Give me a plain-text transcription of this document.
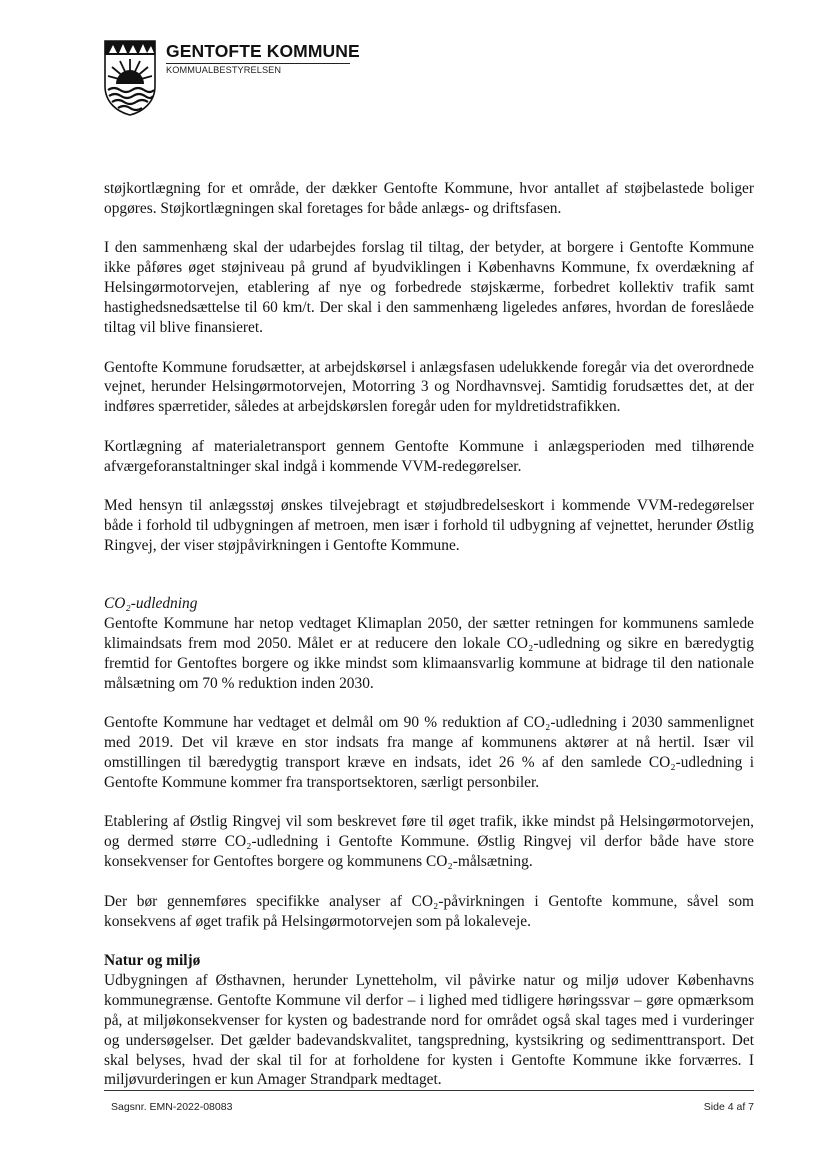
GENTOFTE KOMMUNE
KOMMUALBESTYRELSEN

støjkortlægning for et område, der dækker Gentofte Kommune, hvor antallet af støjbelastede boliger opgøres. Støjkortlægningen skal foretages for både anlægs- og driftsfasen.

I den sammenhæng skal der udarbejdes forslag til tiltag, der betyder, at borgere i Gentofte Kommune ikke påføres øget støjniveau på grund af byudviklingen i Københavns Kommune, fx overdækning af Helsingørmotorvejen, etablering af nye og forbedrede støjskærme, forbedret kollektiv trafik samt hastighedsnedsættelse til 60 km/t. Der skal i den sammenhæng ligeledes anføres, hvordan de foreslåede tiltag vil blive finansieret.

Gentofte Kommune forudsætter, at arbejdskørsel i anlægsfasen udelukkende foregår via det overordnede vejnet, herunder Helsingørmotorvejen, Motorring 3 og Nordhavnsvej. Samtidig forudsættes det, at der indføres spærretider, således at arbejdskørslen foregår uden for myldretidstrafikken.

Kortlægning af materialetransport gennem Gentofte Kommune i anlægsperioden med tilhørende afværgeforanstaltninger skal indgå i kommende VVM-redegørelser.

Med hensyn til anlægsstøj ønskes tilvejebragt et støjudbredelseskort i kommende VVM-redegørelser både i forhold til udbygningen af metroen, men især i forhold til udbygning af vejnettet, herunder Østlig Ringvej, der viser støjpåvirkningen i Gentofte Kommune.

CO₂-udledning

Gentofte Kommune har netop vedtaget Klimaplan 2050, der sætter retningen for kommunens samlede klimaindsats frem mod 2050. Målet er at reducere den lokale CO₂-udledning og sikre en bæredygtig fremtid for Gentoftes borgere og ikke mindst som klimaansvarlig kommune at bidrage til den nationale målsætning om 70 % reduktion inden 2030.

Gentofte Kommune har vedtaget et delmål om 90 % reduktion af CO₂-udledning i 2030 sammenlignet med 2019. Det vil kræve en stor indsats fra mange af kommunens aktører at nå hertil. Især vil omstillingen til bæredygtig transport kræve en indsats, idet 26 % af den samlede CO₂-udledning i Gentofte Kommune kommer fra transportsektoren, særligt personbiler.

Etablering af Østlig Ringvej vil som beskrevet føre til øget trafik, ikke mindst på Helsingørmotorvejen, og dermed større CO₂-udledning i Gentofte Kommune. Østlig Ringvej vil derfor både have store konsekvenser for Gentoftes borgere og kommunens CO₂-målsætning.

Der bør gennemføres specifikke analyser af CO₂-påvirkningen i Gentofte kommune, såvel som konsekvens af øget trafik på Helsingørmotorvejen som på lokaleveje.

Natur og miljø

Udbygningen af Østhavnen, herunder Lynetteholm, vil påvirke natur og miljø udover Københavns kommunegrænse. Gentofte Kommune vil derfor – i lighed med tidligere høringssvar – gøre opmærksom på, at miljøkonsekvenser for kysten og badestrande nord for området også skal tages med i vurderinger og undersøgelser. Det gælder badevandskvalitet, tangspredning, kystsikring og sedimenttransport. Det skal belyses, hvad der skal til for at forholdene for kysten i Gentofte Kommune ikke forværres. I miljøvurderingen er kun Amager Strandpark medtaget.

Sagsnr. EMN-2022-08083	Side 4 af 7
